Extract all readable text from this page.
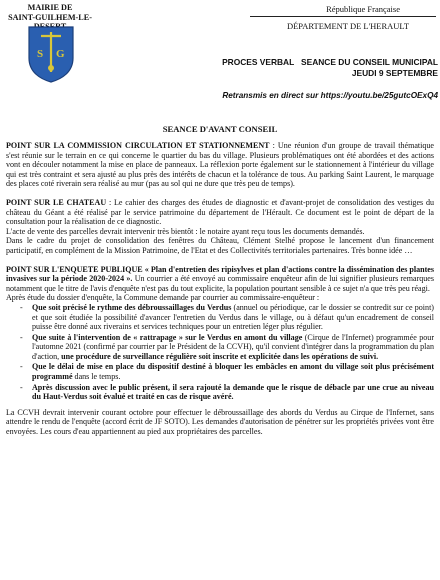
MAIRIE DE
SAINT-GUILHEM-LE-
S G
République Française
DÉPARTEMENT DE L'HERAULT
PROCES VERBAL   SEANCE DU CONSEIL MUNICIPAL
JEUDI 9 SEPTEMBRE
Retransmis en direct sur https://youtu.be/25gutcOExQ4
SEANCE D'AVANT CONSEIL

POINT SUR LA COMMISSION CIRCULATION ET STATIONNEMENT : Une réunion d'un groupe de travail thématique s'est réunie sur le terrain en ce qui concerne le quartier du bas du village. Plusieurs problématiques ont été abordées et des actions vont en découler notamment la mise en place de panneaux. La réflexion porte également sur le stationnement à l'intérieur du village qui est très contraint et sera ajusté au plus près des intérêts de chacun et la tolérance de tous. Au parking Saint Laurent, le marquage des places coté riverain sera réalisé au mur (pas au sol qui ne dure que très peu de temps).

POINT SUR LE CHATEAU : Le cahier des charges des études de diagnostic et d'avant-projet de consolidation des vestiges du château du Géant a été réalisé par le service patrimoine du département de l'Hérault. Ce document est le point de départ de la consultation pour la réalisation de ce diagnostic.

L'acte de vente des parcelles devrait intervenir très bientôt : le notaire ayant reçu tous les documents demandés.

Dans le cadre du projet de consolidation des fenêtres du Château, Clément Stelhé propose le lancement d'un financement participatif, en complément de la Mission Patrimoine, de l'Etat et des Collectivités territoriales partenaires. Très bonne idée …

POINT SUR L'ENQUETE PUBLIQUE « Plan d'entretien des ripisylves et plan d'actions contre la dissémination des plantes invasives sur la période 2020-2024 ». Un courrier a été envoyé au commissaire enquêteur afin de lui signifier plusieurs remarques notamment que le titre de l'avis d'enquête n'est pas du tout explicite, la population pourtant sensible à ce sujet n'a que très peu réagi.

Après étude du dossier d'enquête, la Commune demande par courrier au commissaire-enquêteur :

- Que soit précisé le rythme des débroussaillages du Verdus (annuel ou périodique, car le dossier se contredit sur ce point) et que soit étudiée la possibilité d'avancer l'entretien du Verdus dans le village, ou à défaut qu'un encadrement de conseil puisse être donné aux riverains et services techniques pour un entretien léger plus régulier.
- Que suite à l'intervention de « rattrapage » sur le Verdus en amont du village (Cirque de l'Infernet) programmée pour l'automne 2021 (confirmé par courrier par le Président de la CCVH), qu'il convient d'intégrer dans la programmation du plan d'action, une procédure de surveillance régulière soit inscrite et explicitée dans les opérations de suivi.
- Que le délai de mise en place du dispositif destiné à bloquer les embâcles en amont du village soit plus précisément programmé dans le temps.
- Après discussion avec le public présent, il sera rajouté la demande que le risque de débacle par une crue au niveau du Haut-Verdus soit évalué et traité en cas de risque avéré.

La CCVH devrait intervenir courant octobre pour effectuer le débroussaillage des abords du Verdus au Cirque de l'Infernet, sans attendre le rendu de l'enquête (accord écrit de JF SOTO). Les demandes d'autorisation de pénétrer sur les propriétés privées vont être envoyées. Les cours d'eau appartiennent au pied aux propriétaires des parcelles.
